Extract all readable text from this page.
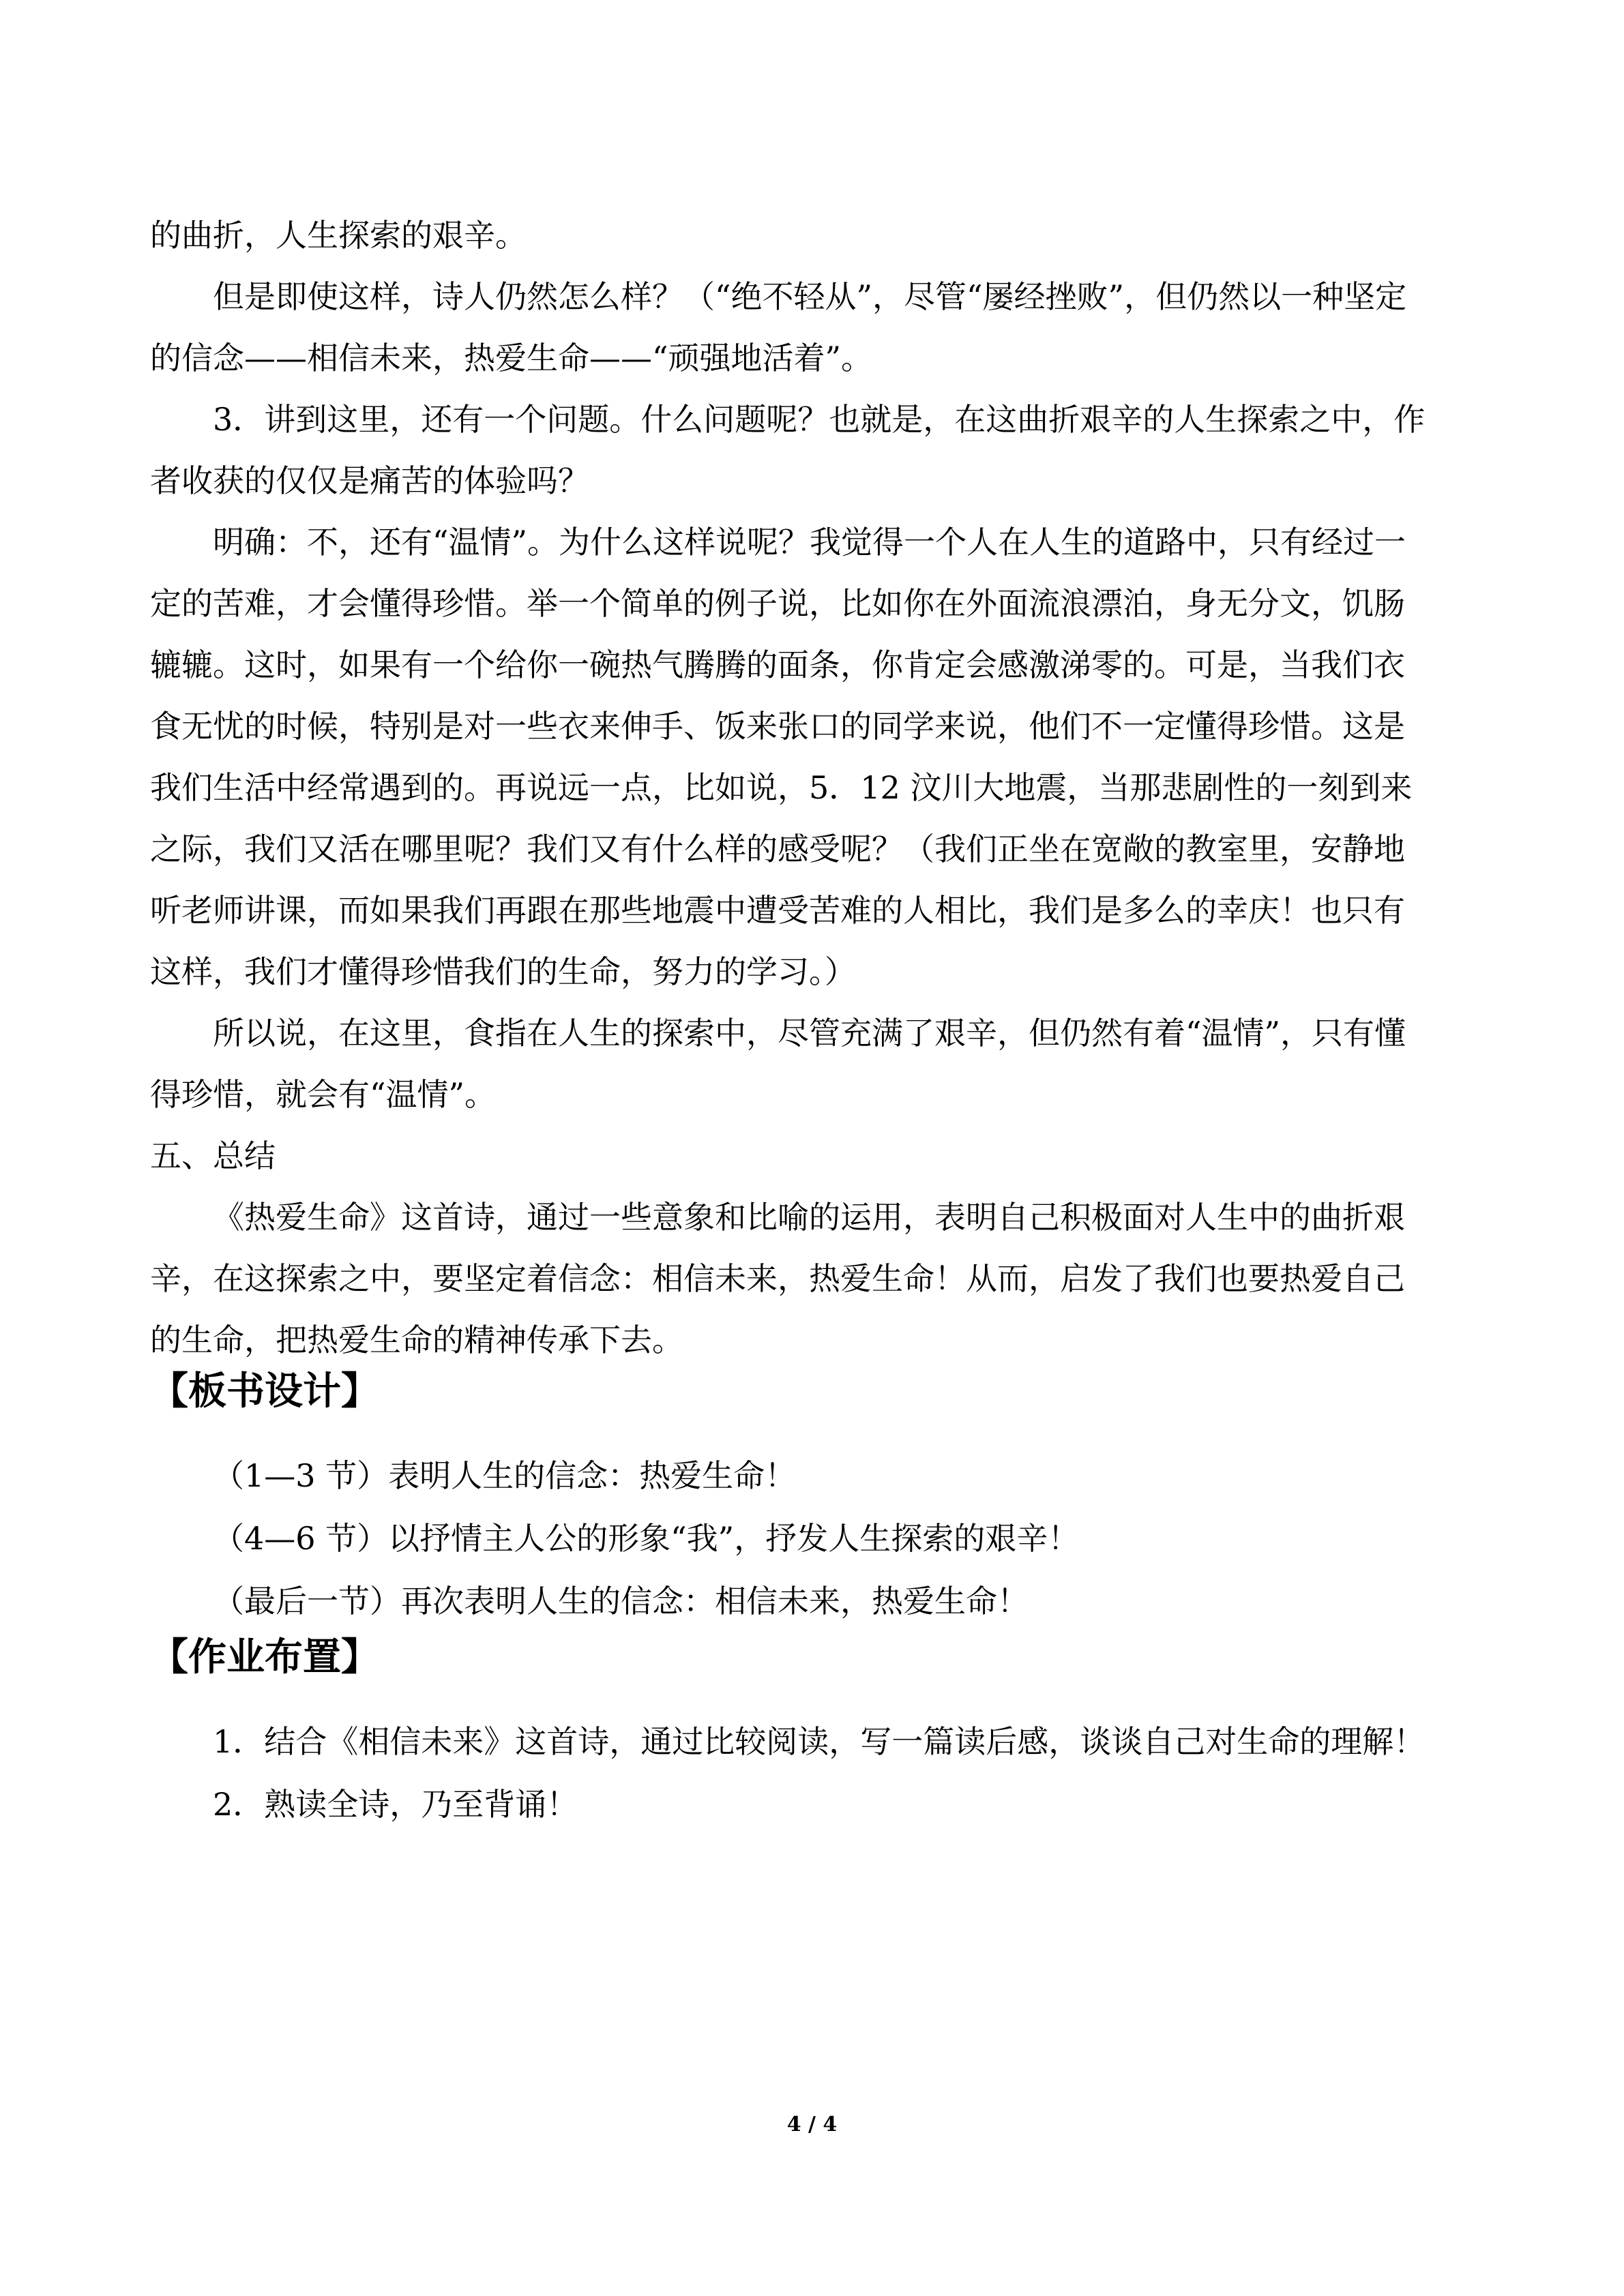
的曲折，人生探索的艰辛。
但是即使这样，诗人仍然怎么样？（“绝不轻从”，尽管“屡经挫败”，但仍然以一种坚定
的信念——相信未来，热爱生命——“顽强地活着”。
3．讲到这里，还有一个问题。什么问题呢？也就是，在这曲折艰辛的人生探索之中，作
者收获的仅仅是痛苦的体验吗？
明确：不，还有“温情”。为什么这样说呢？我觉得一个人在人生的道路中，只有经过一
定的苦难，才会懂得珍惜。举一个简单的例子说，比如你在外面流浪漂泊，身无分文，饥肠
辘辘。这时，如果有一个给你一碗热气腾腾的面条，你肯定会感激涕零的。可是，当我们衣
食无忧的时候，特别是对一些衣来伸手、饭来张口的同学来说，他们不一定懂得珍惜。这是
我们生活中经常遇到的。再说远一点，比如说，5．12 汶川大地震，当那悲剧性的一刻到来
之际，我们又活在哪里呢？我们又有什么样的感受呢？（我们正坐在宽敞的教室里，安静地
听老师讲课，而如果我们再跟在那些地震中遭受苦难的人相比，我们是多么的幸庆！也只有
这样，我们才懂得珍惜我们的生命，努力的学习。）
所以说，在这里，食指在人生的探索中，尽管充满了艰辛，但仍然有着“温情”，只有懂
得珍惜，就会有“温情”。
五、总结
《热爱生命》这首诗，通过一些意象和比喻的运用，表明自己积极面对人生中的曲折艰
辛，在这探索之中，要坚定着信念：相信未来，热爱生命！从而，启发了我们也要热爱自己
的生命，把热爱生命的精神传承下去。
【板书设计】
（1—3 节）表明人生的信念：热爱生命！
（4—6 节）以抒情主人公的形象“我”，抒发人生探索的艰辛！
（最后一节）再次表明人生的信念：相信未来，热爱生命！
【作业布置】
1．结合《相信未来》这首诗，通过比较阅读，写一篇读后感，谈谈自己对生命的理解！
2．熟读全诗，乃至背诵！
4 / 4
